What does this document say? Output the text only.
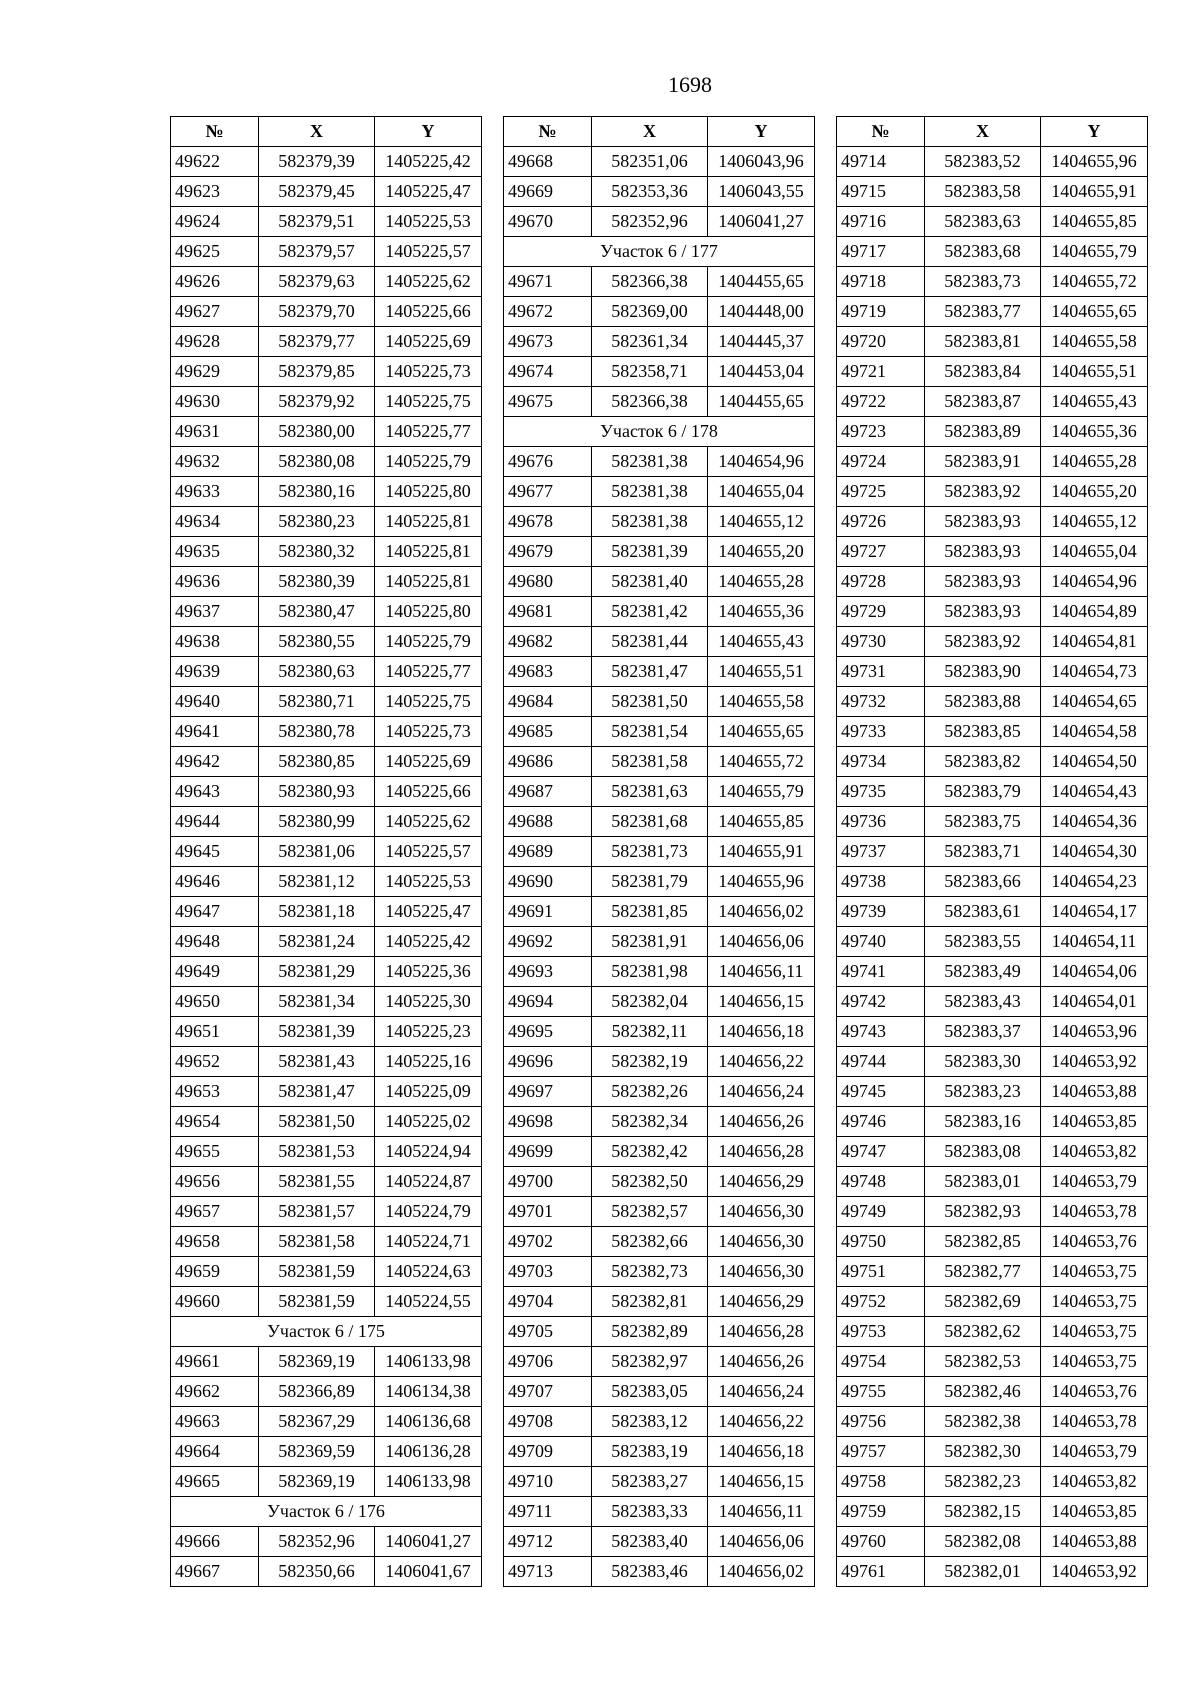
1698
№	X	Y
49622	582379,39	1405225,42
49623	582379,45	1405225,47
49624	582379,51	1405225,53
49625	582379,57	1405225,57
49626	582379,63	1405225,62
49627	582379,70	1405225,66
49628	582379,77	1405225,69
49629	582379,85	1405225,73
49630	582379,92	1405225,75
49631	582380,00	1405225,77
49632	582380,08	1405225,79
49633	582380,16	1405225,80
49634	582380,23	1405225,81
49635	582380,32	1405225,81
49636	582380,39	1405225,81
49637	582380,47	1405225,80
49638	582380,55	1405225,79
49639	582380,63	1405225,77
49640	582380,71	1405225,75
49641	582380,78	1405225,73
49642	582380,85	1405225,69
49643	582380,93	1405225,66
49644	582380,99	1405225,62
49645	582381,06	1405225,57
49646	582381,12	1405225,53
49647	582381,18	1405225,47
49648	582381,24	1405225,42
49649	582381,29	1405225,36
49650	582381,34	1405225,30
49651	582381,39	1405225,23
49652	582381,43	1405225,16
49653	582381,47	1405225,09
49654	582381,50	1405225,02
49655	582381,53	1405224,94
49656	582381,55	1405224,87
49657	582381,57	1405224,79
49658	582381,58	1405224,71
49659	582381,59	1405224,63
49660	582381,59	1405224,55
Участок 6 / 175		
49661	582369,19	1406133,98
49662	582366,89	1406134,38
49663	582367,29	1406136,68
49664	582369,59	1406136,28
49665	582369,19	1406133,98
Участок 6 / 176		
49666	582352,96	1406041,27
49667	582350,66	1406041,67
№	X	Y
49668	582351,06	1406043,96
49669	582353,36	1406043,55
49670	582352,96	1406041,27
Участок 6 / 177		
49671	582366,38	1404455,65
49672	582369,00	1404448,00
49673	582361,34	1404445,37
49674	582358,71	1404453,04
49675	582366,38	1404455,65
Участок 6 / 178		
49676	582381,38	1404654,96
49677	582381,38	1404655,04
49678	582381,38	1404655,12
49679	582381,39	1404655,20
49680	582381,40	1404655,28
49681	582381,42	1404655,36
49682	582381,44	1404655,43
49683	582381,47	1404655,51
49684	582381,50	1404655,58
49685	582381,54	1404655,65
49686	582381,58	1404655,72
49687	582381,63	1404655,79
49688	582381,68	1404655,85
49689	582381,73	1404655,91
49690	582381,79	1404655,96
49691	582381,85	1404656,02
49692	582381,91	1404656,06
49693	582381,98	1404656,11
49694	582382,04	1404656,15
49695	582382,11	1404656,18
49696	582382,19	1404656,22
49697	582382,26	1404656,24
49698	582382,34	1404656,26
49699	582382,42	1404656,28
49700	582382,50	1404656,29
49701	582382,57	1404656,30
49702	582382,66	1404656,30
49703	582382,73	1404656,30
49704	582382,81	1404656,29
49705	582382,89	1404656,28
49706	582382,97	1404656,26
49707	582383,05	1404656,24
49708	582383,12	1404656,22
49709	582383,19	1404656,18
49710	582383,27	1404656,15
49711	582383,33	1404656,11
49712	582383,40	1404656,06
49713	582383,46	1404656,02
№	X	Y
49714	582383,52	1404655,96
49715	582383,58	1404655,91
49716	582383,63	1404655,85
49717	582383,68	1404655,79
49718	582383,73	1404655,72
49719	582383,77	1404655,65
49720	582383,81	1404655,58
49721	582383,84	1404655,51
49722	582383,87	1404655,43
49723	582383,89	1404655,36
49724	582383,91	1404655,28
49725	582383,92	1404655,20
49726	582383,93	1404655,12
49727	582383,93	1404655,04
49728	582383,93	1404654,96
49729	582383,93	1404654,89
49730	582383,92	1404654,81
49731	582383,90	1404654,73
49732	582383,88	1404654,65
49733	582383,85	1404654,58
49734	582383,82	1404654,50
49735	582383,79	1404654,43
49736	582383,75	1404654,36
49737	582383,71	1404654,30
49738	582383,66	1404654,23
49739	582383,61	1404654,17
49740	582383,55	1404654,11
49741	582383,49	1404654,06
49742	582383,43	1404654,01
49743	582383,37	1404653,96
49744	582383,30	1404653,92
49745	582383,23	1404653,88
49746	582383,16	1404653,85
49747	582383,08	1404653,82
49748	582383,01	1404653,79
49749	582382,93	1404653,78
49750	582382,85	1404653,76
49751	582382,77	1404653,75
49752	582382,69	1404653,75
49753	582382,62	1404653,75
49754	582382,53	1404653,75
49755	582382,46	1404653,76
49756	582382,38	1404653,78
49757	582382,30	1404653,79
49758	582382,23	1404653,82
49759	582382,15	1404653,85
49760	582382,08	1404653,88
49761	582382,01	1404653,92
